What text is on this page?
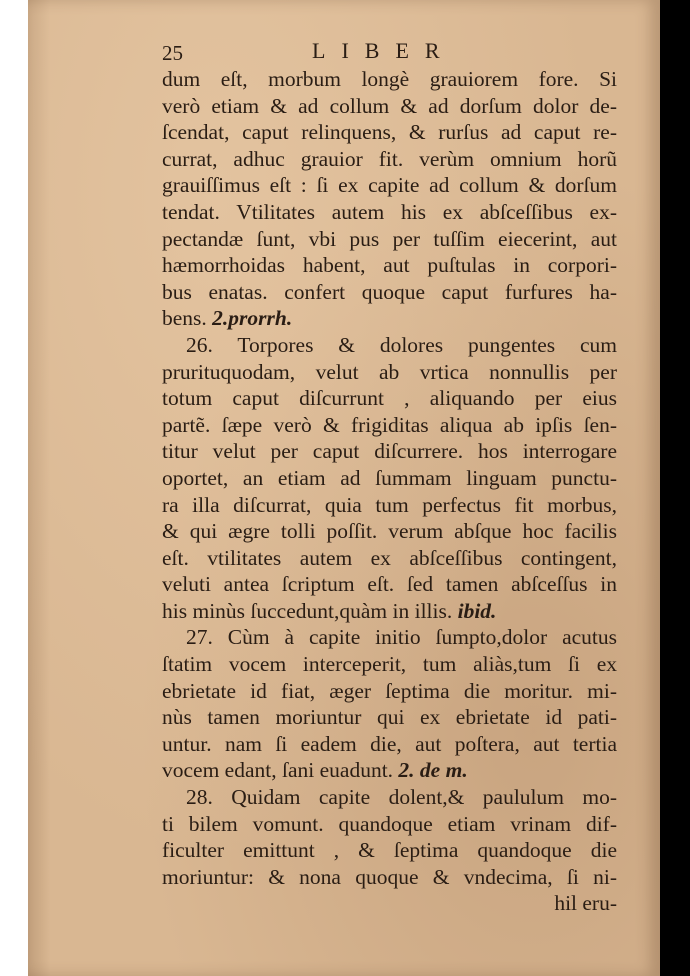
25	LIBER
dum eſt, morbum longè grauiorem fore. Si
verò etiam & ad collum & ad dorſum dolor de-
ſcendat, caput relinquens, & rurſus ad caput re-
currat, adhuc grauior fit. verùm omnium horũ
grauiſſimus eſt : ſi ex capite ad collum & dorſum
tendat. Vtilitates autem his ex abſceſſibus ex-
pectandæ ſunt, vbi pus per tuſſim eiecerint, aut
hæmorrhoidas habent, aut puſtulas in corpori-
bus enatas. confert quoque caput furfures ha-
bens. 2.prorrh.
26. Torpores & dolores pungentes cum
prurituquodam, velut ab vrtica nonnullis per
totum caput diſcurrunt , aliquando per eius
partẽ. ſæpe verò & frigiditas aliqua ab ipſis ſen-
titur velut per caput diſcurrere. hos interrogare
oportet, an etiam ad ſummam linguam punctu-
ra illa diſcurrat, quia tum perfectus fit morbus,
& qui ægre tolli poſſit. verum abſque hoc facilis
eſt. vtilitates autem ex abſceſſibus contingent,
veluti antea ſcriptum eſt. ſed tamen abſceſſus in
his minùs ſuccedunt,quàm in illis. ibid.
27. Cùm à capite initio ſumpto,dolor acutus
ſtatim vocem interceperit, tum aliàs,tum ſi ex
ebrietate id fiat, æger ſeptima die moritur. mi-
nùs tamen moriuntur qui ex ebrietate id pati-
untur. nam ſi eadem die, aut poſtera, aut tertia
vocem edant, ſani euadunt. 2. de m.
28. Quidam capite dolent,& paululum mo-
ti bilem vomunt. quandoque etiam vrinam dif-
ficulter emittunt , & ſeptima quandoque die
moriuntur: & nona quoque & vndecima, ſi ni-
hil eru-
